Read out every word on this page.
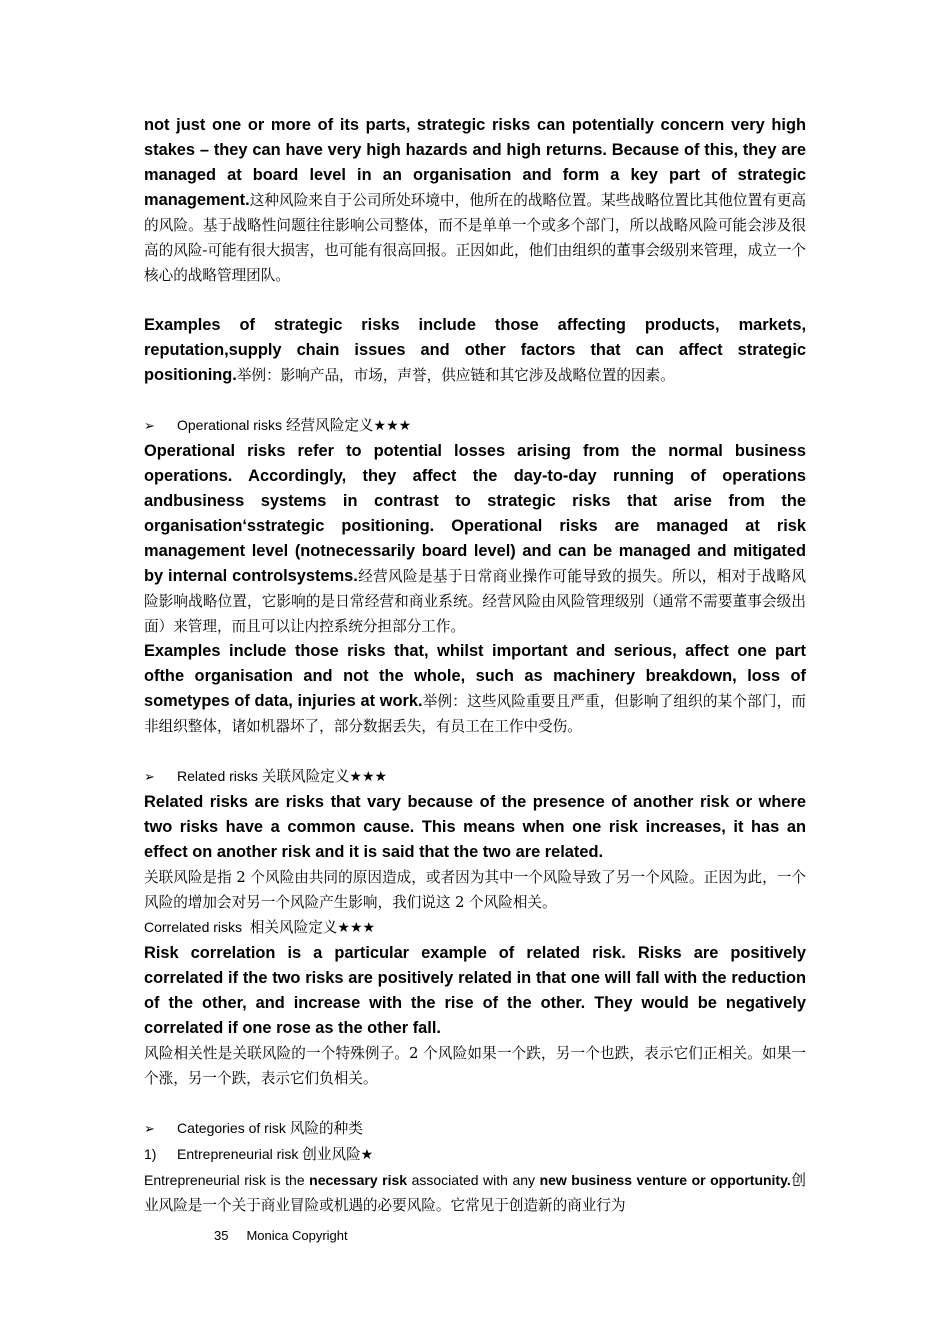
not just one or more of its parts, strategic risks can potentially concern very high stakes – they can have very high hazards and high returns. Because of this, they are managed at board level in an organisation and form a key part of strategic management.这种风险来自于公司所处环境中，他所在的战略位置。某些战略位置比其他位置有更高的风险。基于战略性问题往往影响公司整体，而不是单单一个或多个部门，所以战略风险可能会涉及很高的风险-可能有很大损害，也可能有很高回报。正因如此，他们由组织的董事会级别来管理，成立一个核心的战略管理团队。

Examples of strategic risks include those affecting products, markets, reputation,supply chain issues and other factors that can affect strategic positioning.举例：影响产品，市场，声誉，供应链和其它涉及战略位置的因素。

➢ Operational risks 经营风险定义★★★

Operational risks refer to potential losses arising from the normal business operations. Accordingly, they affect the day-to-day running of operations andbusiness systems in contrast to strategic risks that arise from the organisation‘sstrategic positioning. Operational risks are managed at risk management level (notnecessarily board level) and can be managed and mitigated by internal controlsystems.经营风险是基于日常商业操作可能导致的损失。所以，相对于战略风险影响战略位置，它影响的是日常经营和商业系统。经营风险由风险管理级别（通常不需要董事会级出面）来管理，而且可以让内控系统分担部分工作。

Examples include those risks that, whilst important and serious, affect one part ofthe organisation and not the whole, such as machinery breakdown, loss of sometypes of data, injuries at work.举例：这些风险重要且严重，但影响了组织的某个部门，而非组织整体，诸如机器坏了，部分数据丢失，有员工在工作中受伤。

➢ Related risks 关联风险定义★★★

Related risks are risks that vary because of the presence of another risk or where two risks have a common cause. This means when one risk increases, it has an effect on another risk and it is said that the two are related.

关联风险是指 2 个风险由共同的原因造成，或者因为其中一个风险导致了另一个风险。正因为此，一个风险的增加会对另一个风险产生影响，我们说这 2 个风险相关。

Correlated risks  相关风险定义★★★

Risk correlation is a particular example of related risk. Risks are positively correlated if the two risks are positively related in that one will fall with the reduction of the other, and increase with the rise of the other. They would be negatively correlated if one rose as the other fall.

风险相关性是关联风险的一个特殊例子。2 个风险如果一个跌，另一个也跌，表示它们正相关。如果一个涨，另一个跌，表示它们负相关。

➢ Categories of risk 风险的种类

1) Entrepreneurial risk 创业风险★

Entrepreneurial risk is the necessary risk associated with any new business venture or opportunity.创业风险是一个关于商业冒险或机遇的必要风险。它常见于创造新的商业行为

35 Monica Copyright
